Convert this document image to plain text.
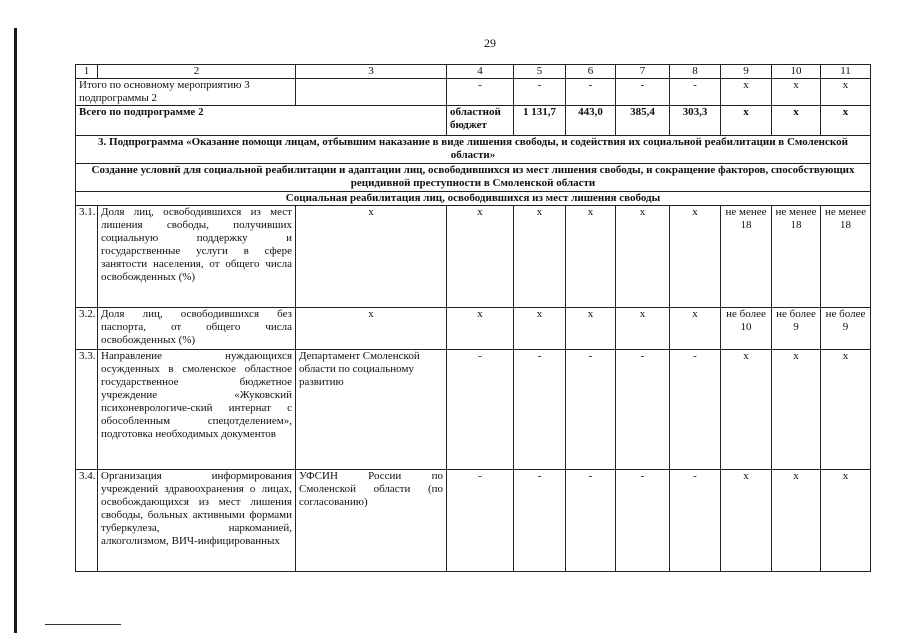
29
1	2	3	4	5	6	7	8	9	10	11
Итого по основному мероприятию 3 подпрограммы 2			-	-	-	-	-	x	x	x
Всего по подпрограмме 2			областной бюджет	1 131,7	443,0	385,4	303,3	x	x	x
3. Подпрограмма «Оказание помощи лицам, отбывшим наказание в виде лишения свободы, и содействия их социальной реабилитации в Смоленской области»										
Создание условий для социальной реабилитации и адаптации лиц, освободившихся из мест лишения свободы, и сокращение факторов, способствующих рецидивной преступности в Смоленской области										
Социальная реабилитация лиц, освободившихся из мест лишения свободы										
3.1.	Доля лиц, освободившихся из мест лишения свободы, получивших социальную поддержку и государственные услуги в сфере занятости населения, от общего числа освобожденных (%)	х	х	х	х	х	х	не менее 18	не менее 18	не менее 18
3.2.	Доля лиц, освободившихся без паспорта, от общего числа освобожденных (%)	х	х	х	х	х	х	не более 10	не более 9	не более 9
3.3.	Направление нуждающихся осужденных в смоленское областное государственное бюджетное учреждение «Жуковский психоневрологиче-ский интернат с обособленным спецотделением», подготовка необходимых документов	Департамент Смоленской области по социальному развитию	-	-	-	-	-	х	х	х
3.4.	Организация информирования учреждений здравоохранения о лицах, освобождающихся из мест лишения свободы, больных активными формами туберкулеза, наркоманией, алкоголизмом, ВИЧ-инфицированных	УФСИН России по Смоленской области (по согласованию)	-	-	-	-	-	х	х	х
